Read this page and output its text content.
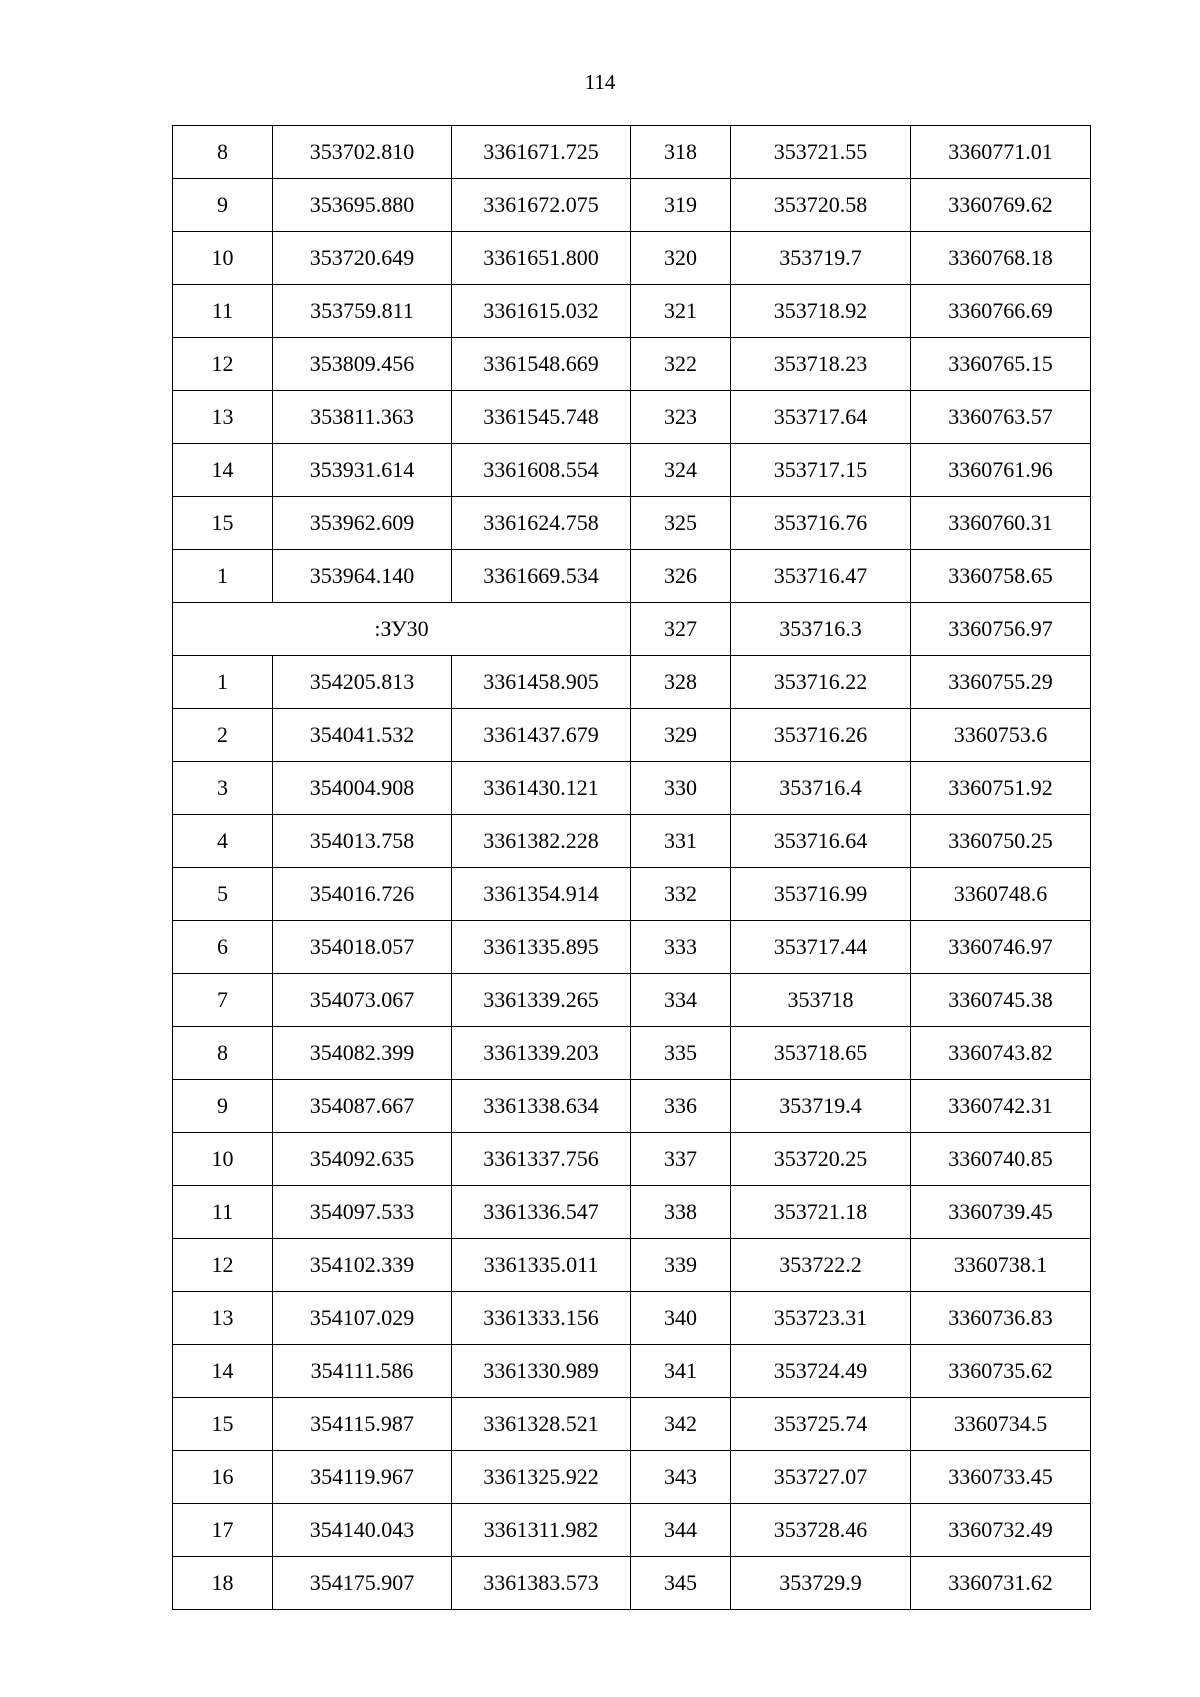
114
8	353702.810	3361671.725	318	353721.55	3360771.01
9	353695.880	3361672.075	319	353720.58	3360769.62
10	353720.649	3361651.800	320	353719.7	3360768.18
11	353759.811	3361615.032	321	353718.92	3360766.69
12	353809.456	3361548.669	322	353718.23	3360765.15
13	353811.363	3361545.748	323	353717.64	3360763.57
14	353931.614	3361608.554	324	353717.15	3360761.96
15	353962.609	3361624.758	325	353716.76	3360760.31
1	353964.140	3361669.534	326	353716.47	3360758.65
:ЗУ30			327	353716.3	3360756.97
1	354205.813	3361458.905	328	353716.22	3360755.29
2	354041.532	3361437.679	329	353716.26	3360753.6
3	354004.908	3361430.121	330	353716.4	3360751.92
4	354013.758	3361382.228	331	353716.64	3360750.25
5	354016.726	3361354.914	332	353716.99	3360748.6
6	354018.057	3361335.895	333	353717.44	3360746.97
7	354073.067	3361339.265	334	353718	3360745.38
8	354082.399	3361339.203	335	353718.65	3360743.82
9	354087.667	3361338.634	336	353719.4	3360742.31
10	354092.635	3361337.756	337	353720.25	3360740.85
11	354097.533	3361336.547	338	353721.18	3360739.45
12	354102.339	3361335.011	339	353722.2	3360738.1
13	354107.029	3361333.156	340	353723.31	3360736.83
14	354111.586	3361330.989	341	353724.49	3360735.62
15	354115.987	3361328.521	342	353725.74	3360734.5
16	354119.967	3361325.922	343	353727.07	3360733.45
17	354140.043	3361311.982	344	353728.46	3360732.49
18	354175.907	3361383.573	345	353729.9	3360731.62
